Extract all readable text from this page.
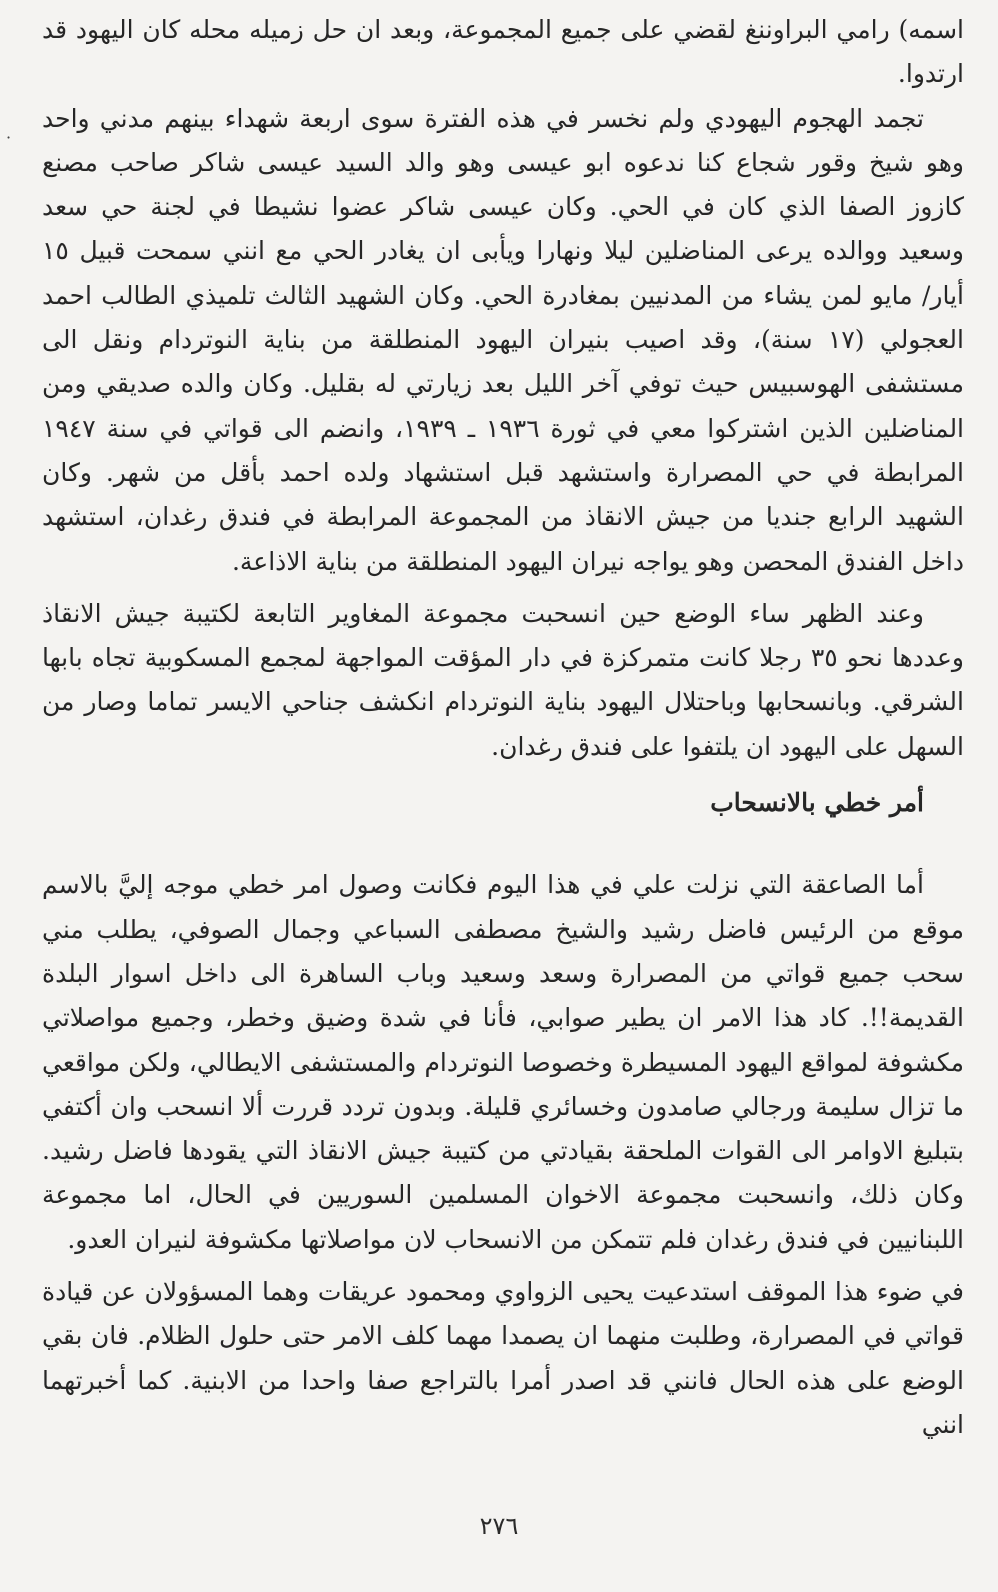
·

اسمه) رامي البراوننغ لقضي على جميع المجموعة، وبعد ان حل زميله محله كان اليهود قد ارتدوا.

تجمد الهجوم اليهودي ولم نخسر في هذه الفترة سوى اربعة شهداء بينهم مدني واحد وهو شيخ وقور شجاع كنا ندعوه ابو عيسى وهو والد السيد عيسى شاكر صاحب مصنع كازوز الصفا الذي كان في الحي. وكان عيسى شاكر عضوا نشيطا في لجنة حي سعد وسعيد ووالده يرعى المناضلين ليلا ونهارا ويأبى ان يغادر الحي مع انني سمحت قبيل ١٥ أيار/ مايو لمن يشاء من المدنيين بمغادرة الحي. وكان الشهيد الثالث تلميذي الطالب احمد العجولي (١٧ سنة)، وقد اصيب بنيران اليهود المنطلقة من بناية النوتردام ونقل الى مستشفى الهوسبيس حيث توفي آخر الليل بعد زيارتي له بقليل. وكان والده صديقي ومن المناضلين الذين اشتركوا معي في ثورة ١٩٣٦ ـ ١٩٣٩، وانضم الى قواتي في سنة ١٩٤٧ المرابطة في حي المصرارة واستشهد قبل استشهاد ولده احمد بأقل من شهر. وكان الشهيد الرابع جنديا من جيش الانقاذ من المجموعة المرابطة في فندق رغدان، استشهد داخل الفندق المحصن وهو يواجه نيران اليهود المنطلقة من بناية الاذاعة.

وعند الظهر ساء الوضع حين انسحبت مجموعة المغاوير التابعة لكتيبة جيش الانقاذ وعددها نحو ٣٥ رجلا كانت متمركزة في دار المؤقت المواجهة لمجمع المسكوبية تجاه بابها الشرقي. وبانسحابها وباحتلال اليهود بناية النوتردام انكشف جناحي الايسر تماما وصار من السهل على اليهود ان يلتفوا على فندق رغدان.

أمر خطي بالانسحاب

أما الصاعقة التي نزلت علي في هذا اليوم فكانت وصول امر خطي موجه إليَّ بالاسم موقع من الرئيس فاضل رشيد والشيخ مصطفى السباعي وجمال الصوفي، يطلب مني سحب جميع قواتي من المصرارة وسعد وسعيد وباب الساهرة الى داخل اسوار البلدة القديمة!!. كاد هذا الامر ان يطير صوابي، فأنا في شدة وضيق وخطر، وجميع مواصلاتي مكشوفة لمواقع اليهود المسيطرة وخصوصا النوتردام والمستشفى الايطالي، ولكن مواقعي ما تزال سليمة ورجالي صامدون وخسائري قليلة. وبدون تردد قررت ألا انسحب وان أكتفي بتبليغ الاوامر الى القوات الملحقة بقيادتي من كتيبة جيش الانقاذ التي يقودها فاضل رشيد. وكان ذلك، وانسحبت مجموعة الاخوان المسلمين السوريين في الحال، اما مجموعة اللبنانيين في فندق رغدان فلم تتمكن من الانسحاب لان مواصلاتها مكشوفة لنيران العدو.

في ضوء هذا الموقف استدعيت يحيى الزواوي ومحمود عريقات وهما المسؤولان عن قيادة قواتي في المصرارة، وطلبت منهما ان يصمدا مهما كلف الامر حتى حلول الظلام. فان بقي الوضع على هذه الحال فانني قد اصدر أمرا بالتراجع صفا واحدا من الابنية. كما أخبرتهما انني

٢٧٦
